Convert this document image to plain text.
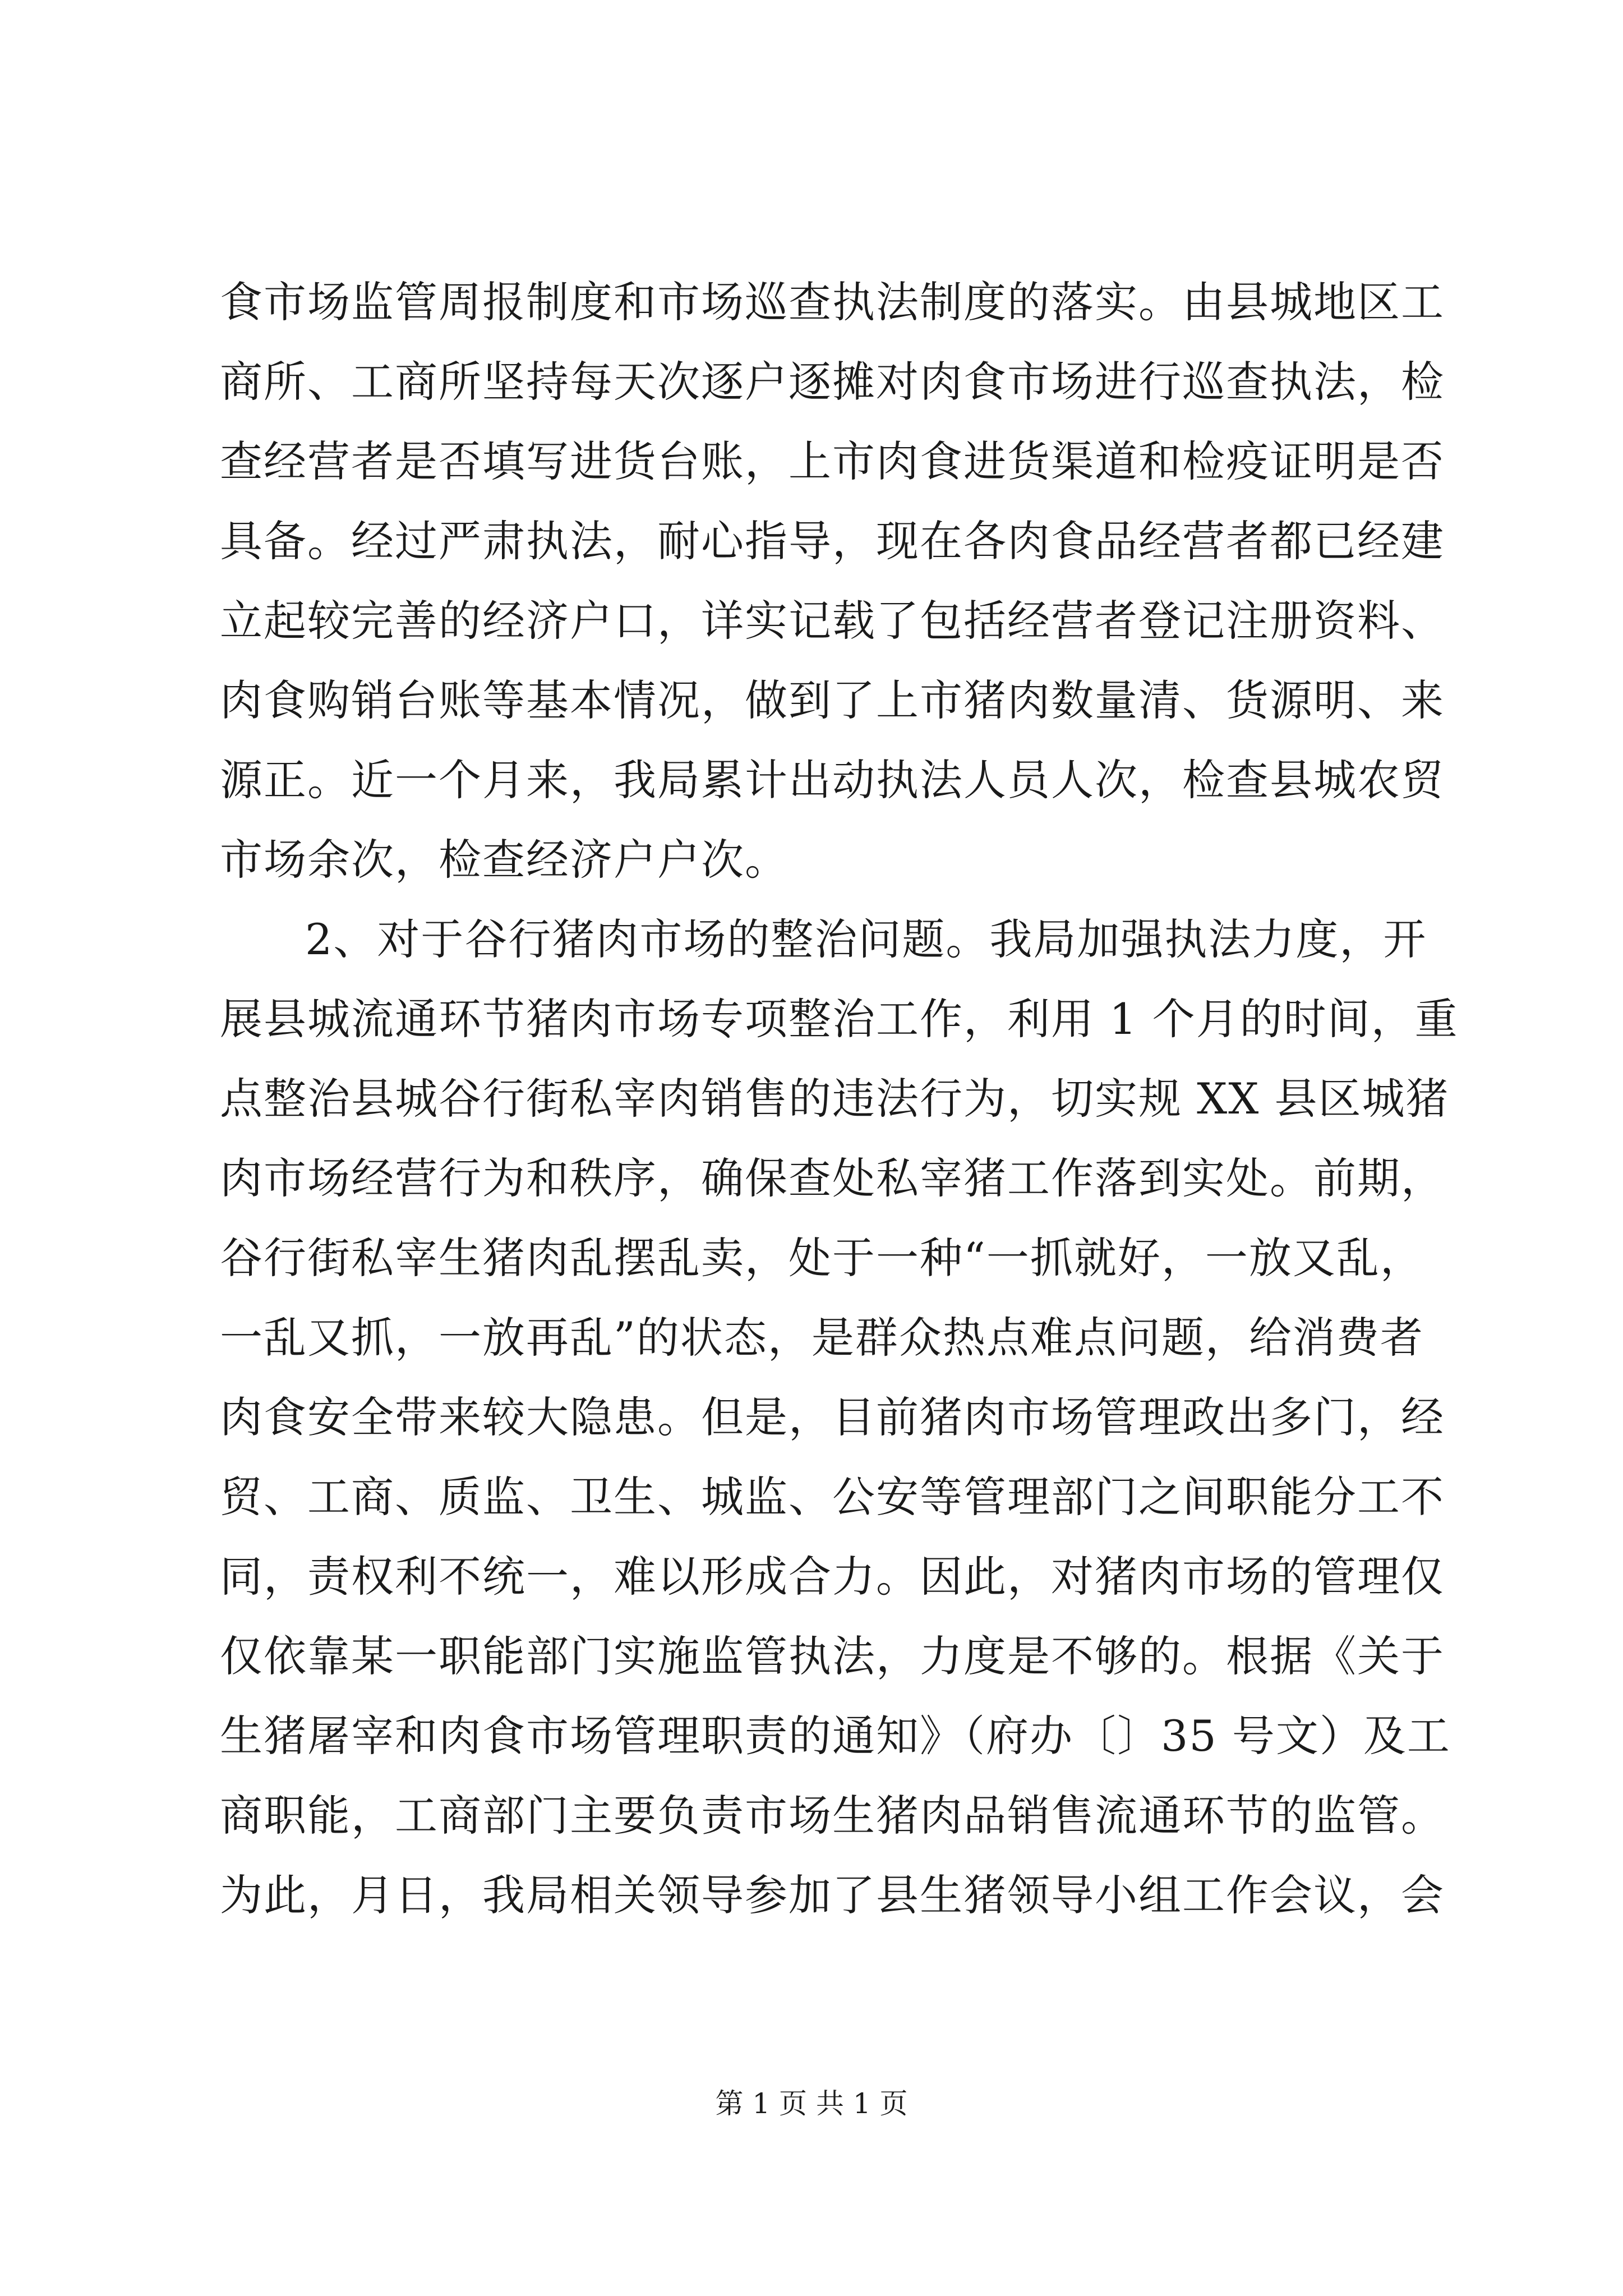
食市场监管周报制度和市场巡查执法制度的落实。由县城地区工
商所、工商所坚持每天次逐户逐摊对肉食市场进行巡查执法，检
查经营者是否填写进货台账，上市肉食进货渠道和检疫证明是否
具备。经过严肃执法，耐心指导，现在各肉食品经营者都已经建
立起较完善的经济户口，详实记载了包括经营者登记注册资料、
肉食购销台账等基本情况，做到了上市猪肉数量清、货源明、来
源正。近一个月来，我局累计出动执法人员人次，检查县城农贸
市场余次，检查经济户户次。
2、对于谷行猪肉市场的整治问题。我局加强执法力度，开
展县城流通环节猪肉市场专项整治工作，利用 1 个月的时间，重
点整治县城谷行街私宰肉销售的违法行为，切实规 XX 县区城猪
肉市场经营行为和秩序，确保查处私宰猪工作落到实处。前期，
谷行街私宰生猪肉乱摆乱卖，处于一种“一抓就好，一放又乱，
一乱又抓，一放再乱”的状态，是群众热点难点问题，给消费者
肉食安全带来较大隐患。但是，目前猪肉市场管理政出多门，经
贸、工商、质监、卫生、城监、公安等管理部门之间职能分工不
同，责权利不统一，难以形成合力。因此，对猪肉市场的管理仅
仅依靠某一职能部门实施监管执法，力度是不够的。根据《关于
生猪屠宰和肉食市场管理职责的通知》（府办〔〕35 号文）及工
商职能，工商部门主要负责市场生猪肉品销售流通环节的监管。
为此，月日，我局相关领导参加了县生猪领导小组工作会议，会
第 1 页 共 1 页
